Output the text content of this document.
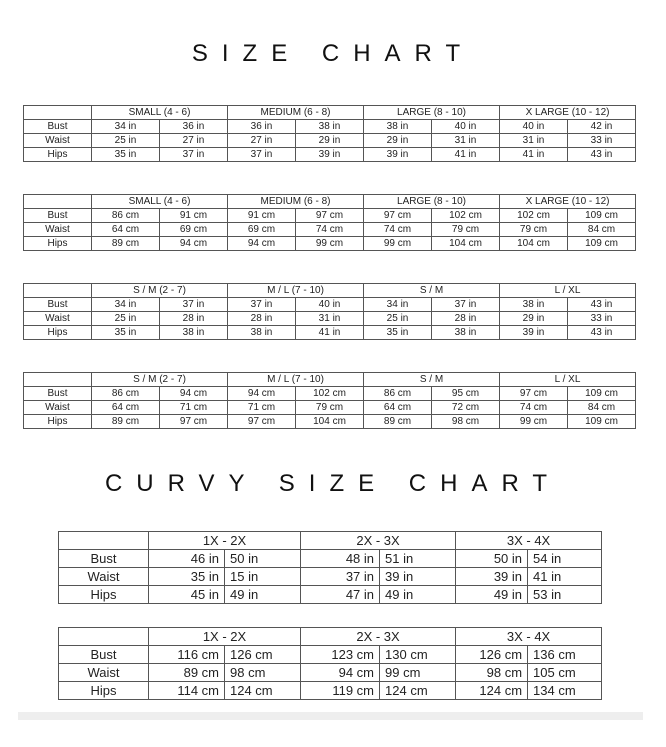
SIZE CHART
	SMALL (4 - 6)		MEDIUM (6 - 8)		LARGE (8 - 10)		X LARGE (10 - 12)	
Bust	34 in	36 in	36 in	38 in	38 in	40 in	40 in	42 in
Waist	25 in	27 in	27 in	29 in	29 in	31 in	31 in	33 in
Hips	35 in	37 in	37 in	39 in	39 in	41 in	41 in	43 in
	SMALL (4 - 6)		MEDIUM (6 - 8)		LARGE (8 - 10)		X LARGE (10 - 12)	
Bust	86 cm	91 cm	91 cm	97 cm	97 cm	102 cm	102 cm	109 cm
Waist	64 cm	69 cm	69 cm	74 cm	74 cm	79 cm	79 cm	84 cm
Hips	89 cm	94 cm	94 cm	99 cm	99 cm	104 cm	104 cm	109 cm
	S / M (2 - 7)		M / L (7 - 10)		S / M		L / XL	
Bust	34 in	37 in	37 in	40 in	34 in	37 in	38 in	43 in
Waist	25 in	28 in	28 in	31 in	25 in	28 in	29 in	33 in
Hips	35 in	38 in	38 in	41 in	35 in	38 in	39 in	43 in
	S / M (2 - 7)		M / L (7 - 10)		S / M		L / XL	
Bust	86 cm	94 cm	94 cm	102 cm	86 cm	95 cm	97 cm	109 cm
Waist	64 cm	71 cm	71 cm	79 cm	64 cm	72 cm	74 cm	84 cm
Hips	89 cm	97 cm	97 cm	104 cm	89 cm	98 cm	99 cm	109 cm
CURVY SIZE CHART
	1X - 2X		2X - 3X		3X - 4X	
Bust	46 in	50 in	48 in	51 in	50 in	54 in
Waist	35 in	15 in	37 in	39 in	39 in	41 in
Hips	45 in	49 in	47 in	49 in	49 in	53 in
	1X - 2X		2X - 3X		3X - 4X	
Bust	116 cm	126 cm	123 cm	130 cm	126 cm	136 cm
Waist	89 cm	98 cm	94 cm	99 cm	98 cm	105 cm
Hips	114 cm	124 cm	119 cm	124 cm	124 cm	134 cm
